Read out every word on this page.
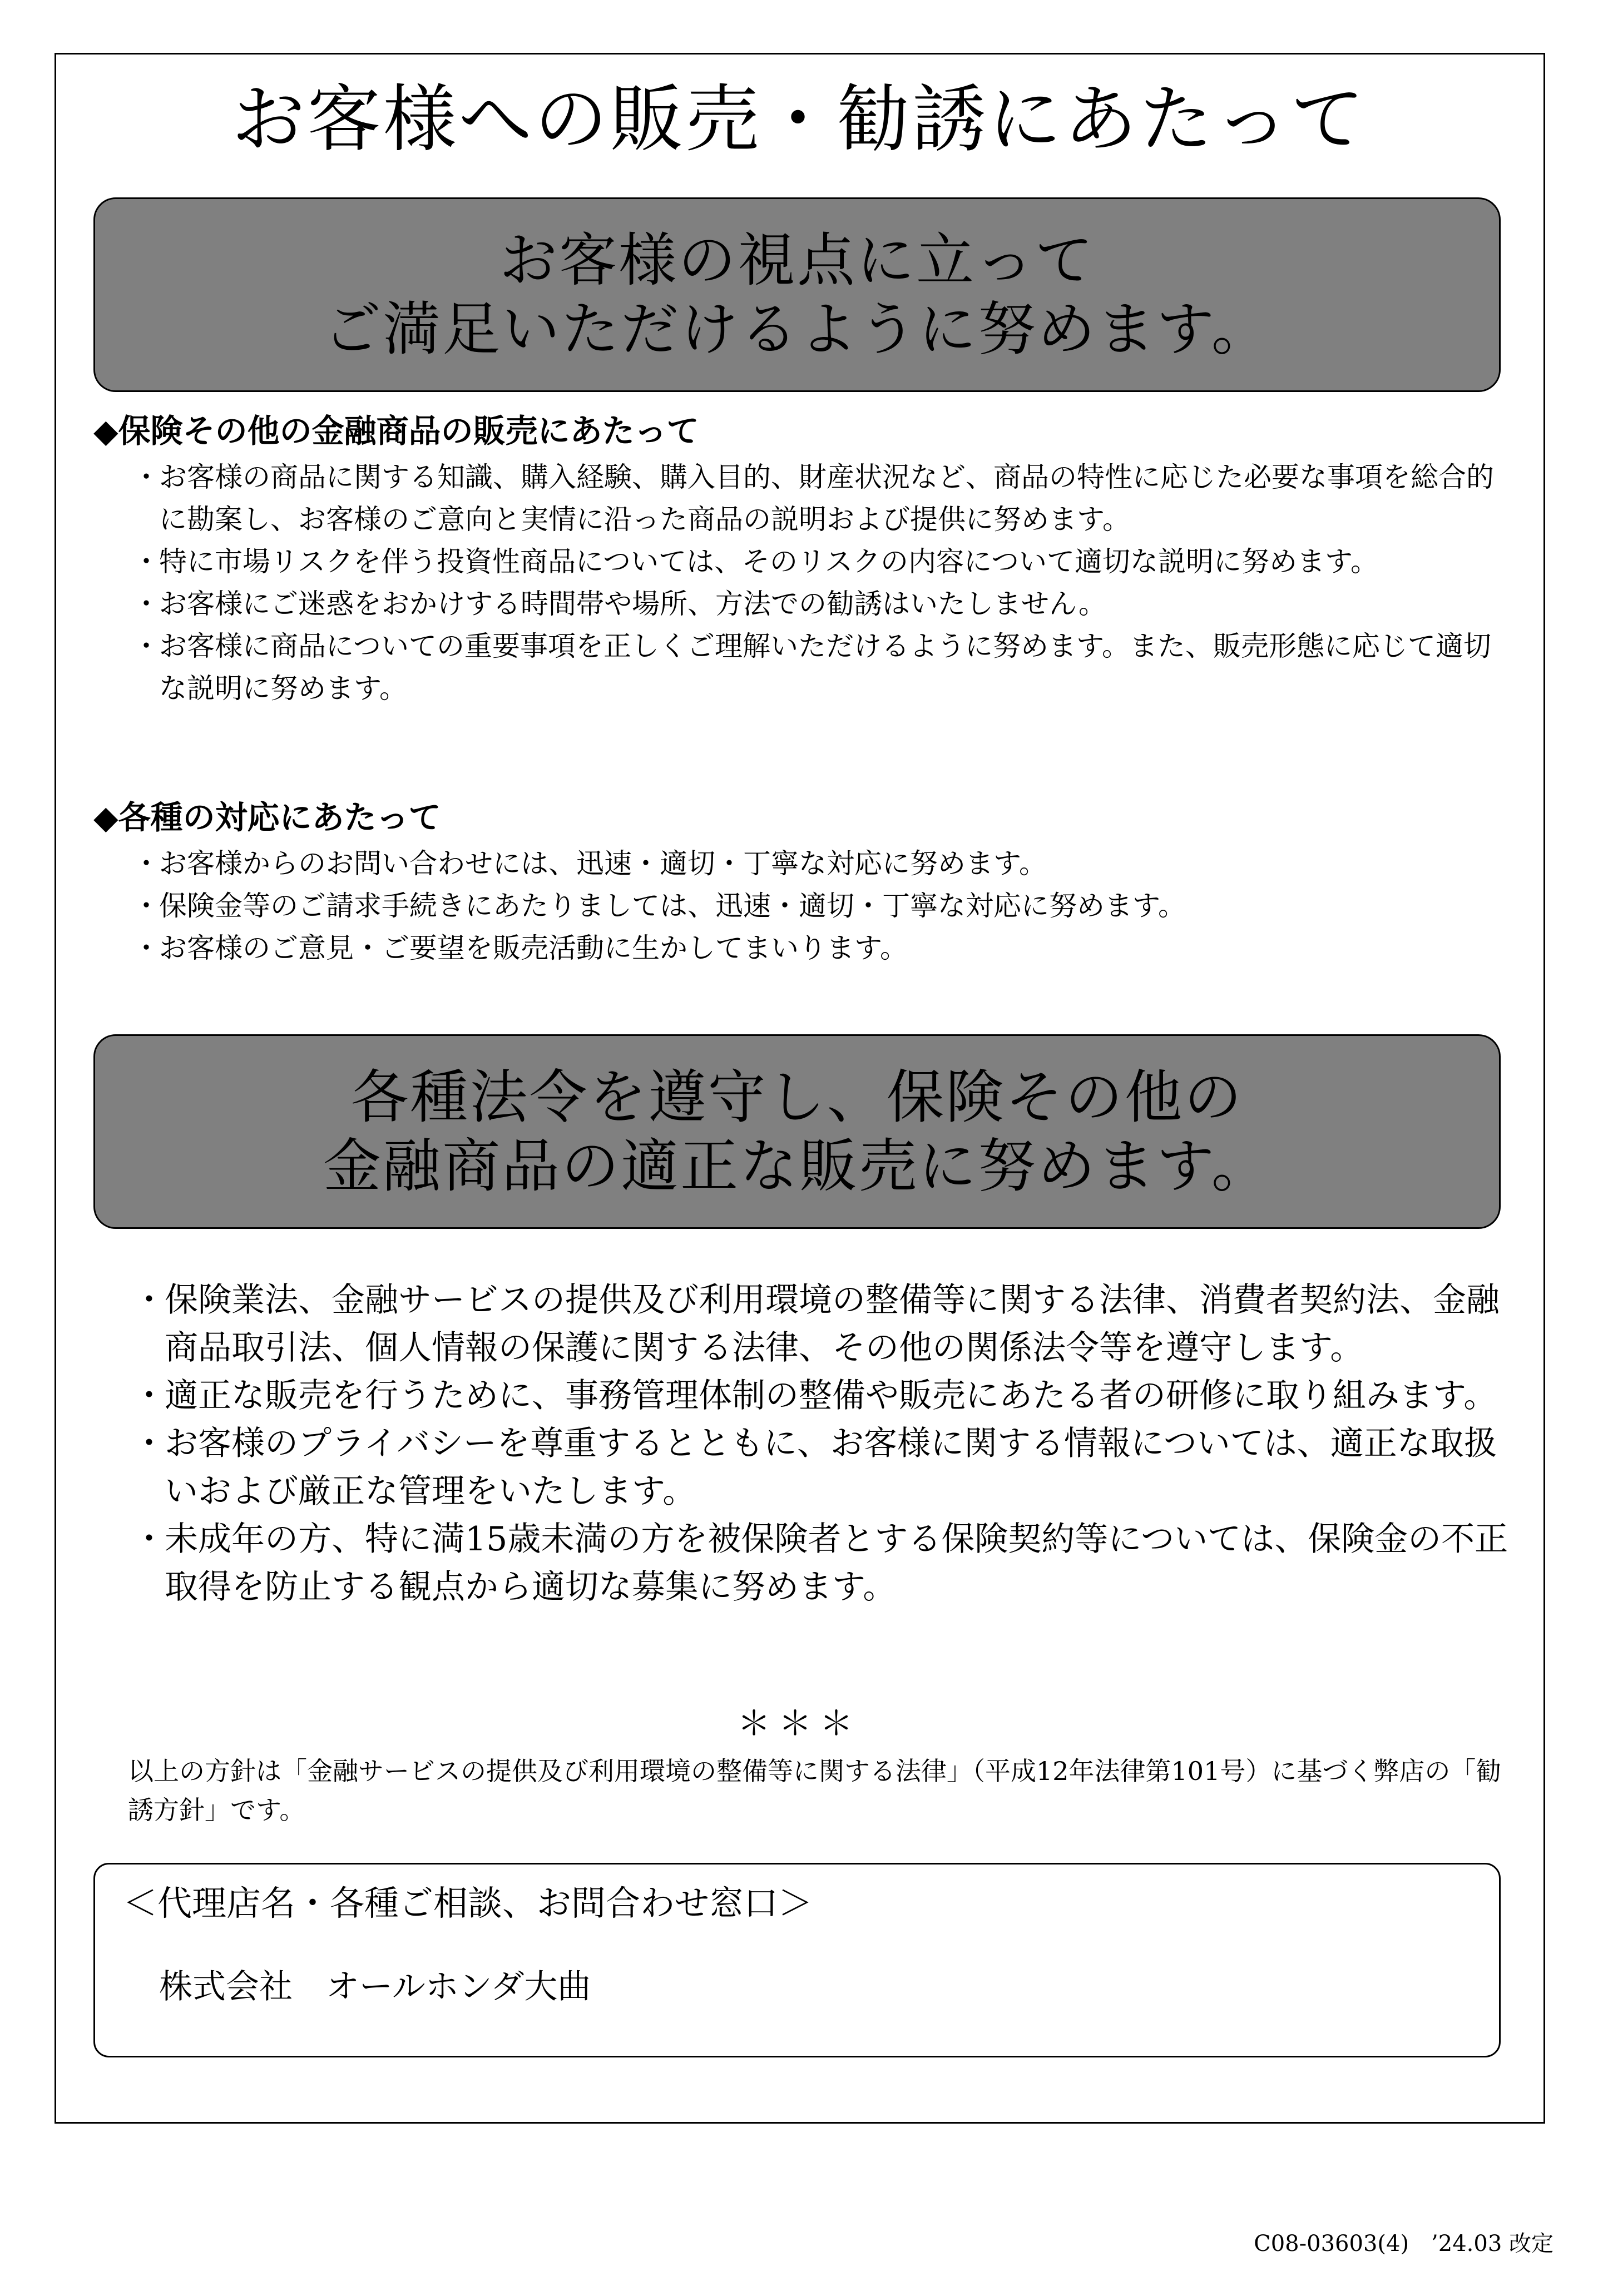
お客様への販売・勧誘にあたって
お客様の視点に立って
ご満足いただけるように努めます。
◆保険その他の金融商品の販売にあたって
・
お客様の商品に関する知識、購入経験、購入目的、財産状況など、商品の特性に応じた必要な事項を総合的に勘案し、お客様のご意向と実情に沿った商品の説明および提供に努めます。
・
特に市場リスクを伴う投資性商品については、そのリスクの内容について適切な説明に努めます。
・
お客様にご迷惑をおかけする時間帯や場所、方法での勧誘はいたしません。
・
お客様に商品についての重要事項を正しくご理解いただけるように努めます。また、販売形態に応じて適切な説明に努めます。
◆各種の対応にあたって
・
お客様からのお問い合わせには、迅速・適切・丁寧な対応に努めます。
・
保険金等のご請求手続きにあたりましては、迅速・適切・丁寧な対応に努めます。
・
お客様のご意見・ご要望を販売活動に生かしてまいります。
各種法令を遵守し、保険その他の
金融商品の適正な販売に努めます。
・
保険業法、金融サービスの提供及び利用環境の整備等に関する法律、消費者契約法、金融商品取引法、個人情報の保護に関する法律、その他の関係法令等を遵守します。
・
適正な販売を行うために、事務管理体制の整備や販売にあたる者の研修に取り組みます。
・
お客様のプライバシーを尊重するとともに、お客様に関する情報については、適正な取扱いおよび厳正な管理をいたします。
・
未成年の方、特に満15歳未満の方を被保険者とする保険契約等については、保険金の不正取得を防止する観点から適切な募集に努めます。
＊＊＊

以上の方針は「金融サービスの提供及び利用環境の整備等に関する法律」（平成12年法律第101号）に基づく弊店の「勧誘方針」です。

＜代理店名・各種ご相談、お問合わせ窓口＞

株式会社　オールホンダ大曲

C08-03603(4)　’24.03 改定
